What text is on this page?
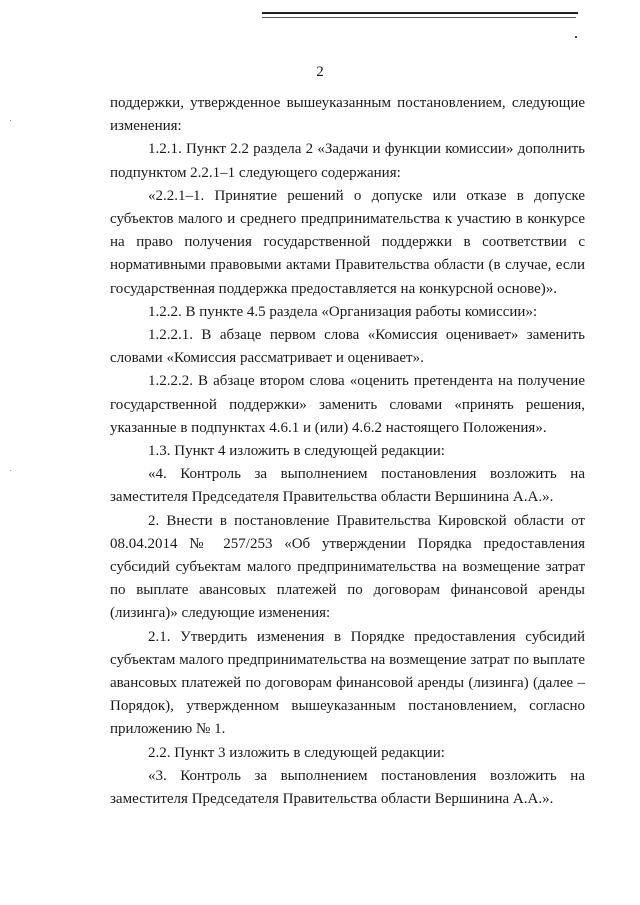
2

поддержки, утвержденное вышеуказанным постановлением, следующие изменения:

1.2.1. Пункт 2.2 раздела 2 «Задачи и функции комиссии» дополнить подпунктом 2.2.1–1 следующего содержания:

«2.2.1–1. Принятие решений о допуске или отказе в допуске субъектов малого и среднего предпринимательства к участию в конкурсе на право получения государственной поддержки в соответствии с нормативными правовыми актами Правительства области (в случае, если государственная поддержка предоставляется на конкурсной основе)».

1.2.2. В пункте 4.5 раздела «Организация работы комиссии»:

1.2.2.1. В абзаце первом слова «Комиссия оценивает» заменить словами «Комиссия рассматривает и оценивает».

1.2.2.2. В абзаце втором слова «оценить претендента на получение государственной поддержки» заменить словами «принять решения, указанные в подпунктах 4.6.1 и (или) 4.6.2 настоящего Положения».

1.3. Пункт 4 изложить в следующей редакции:

«4. Контроль за выполнением постановления возложить на заместителя Председателя Правительства области Вершинина А.А.».

2. Внести в постановление Правительства Кировской области от 08.04.2014 № 257/253 «Об утверждении Порядка предоставления субсидий субъектам малого предпринимательства на возмещение затрат по выплате авансовых платежей по договорам финансовой аренды (лизинга)» следующие изменения:

2.1. Утвердить изменения в Порядке предоставления субсидий субъектам малого предпринимательства на возмещение затрат по выплате авансовых платежей по договорам финансовой аренды (лизинга) (далее – Порядок), утвержденном вышеуказанным постановлением, согласно приложению № 1.

2.2. Пункт 3 изложить в следующей редакции:

«3. Контроль за выполнением постановления возложить на заместителя Председателя Правительства области Вершинина А.А.».
